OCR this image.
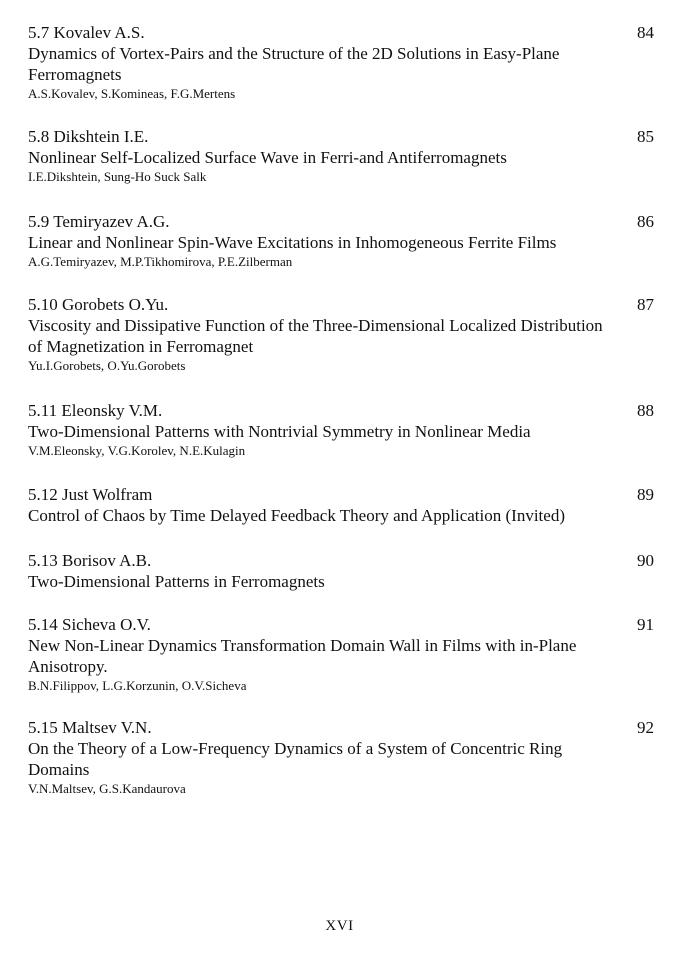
5.7 Kovalev A.S.	84
Dynamics of Vortex-Pairs and the Structure of the 2D Solutions in Easy-Plane Ferromagnets
A.S.Kovalev, S.Komineas, F.G.Mertens
5.8 Dikshtein I.E.	85
Nonlinear Self-Localized Surface Wave in Ferri-and Antiferromagnets
I.E.Dikshtein, Sung-Ho Suck Salk
5.9 Temiryazev A.G.	86
Linear and Nonlinear Spin-Wave Excitations in Inhomogeneous Ferrite Films
A.G.Temiryazev, M.P.Tikhomirova, P.E.Zilberman
5.10 Gorobets O.Yu.	87
Viscosity and Dissipative Function of the Three-Dimensional Localized Distribution of Magnetization in Ferromagnet
Yu.I.Gorobets, O.Yu.Gorobets
5.11 Eleonsky V.M.	88
Two-Dimensional Patterns with Nontrivial Symmetry in Nonlinear Media
V.M.Eleonsky, V.G.Korolev, N.E.Kulagin
5.12 Just Wolfram	89
Control of Chaos by Time Delayed Feedback Theory and Application (Invited)
5.13 Borisov A.B.	90
Two-Dimensional Patterns in Ferromagnets
5.14 Sicheva O.V.	91
New Non-Linear Dynamics Transformation Domain Wall in Films with in-Plane Anisotropy.
B.N.Filippov, L.G.Korzunin, O.V.Sicheva
5.15 Maltsev V.N.	92
On the Theory of a Low-Frequency Dynamics of a System of Concentric Ring Domains
V.N.Maltsev, G.S.Kandaurova
XVI
